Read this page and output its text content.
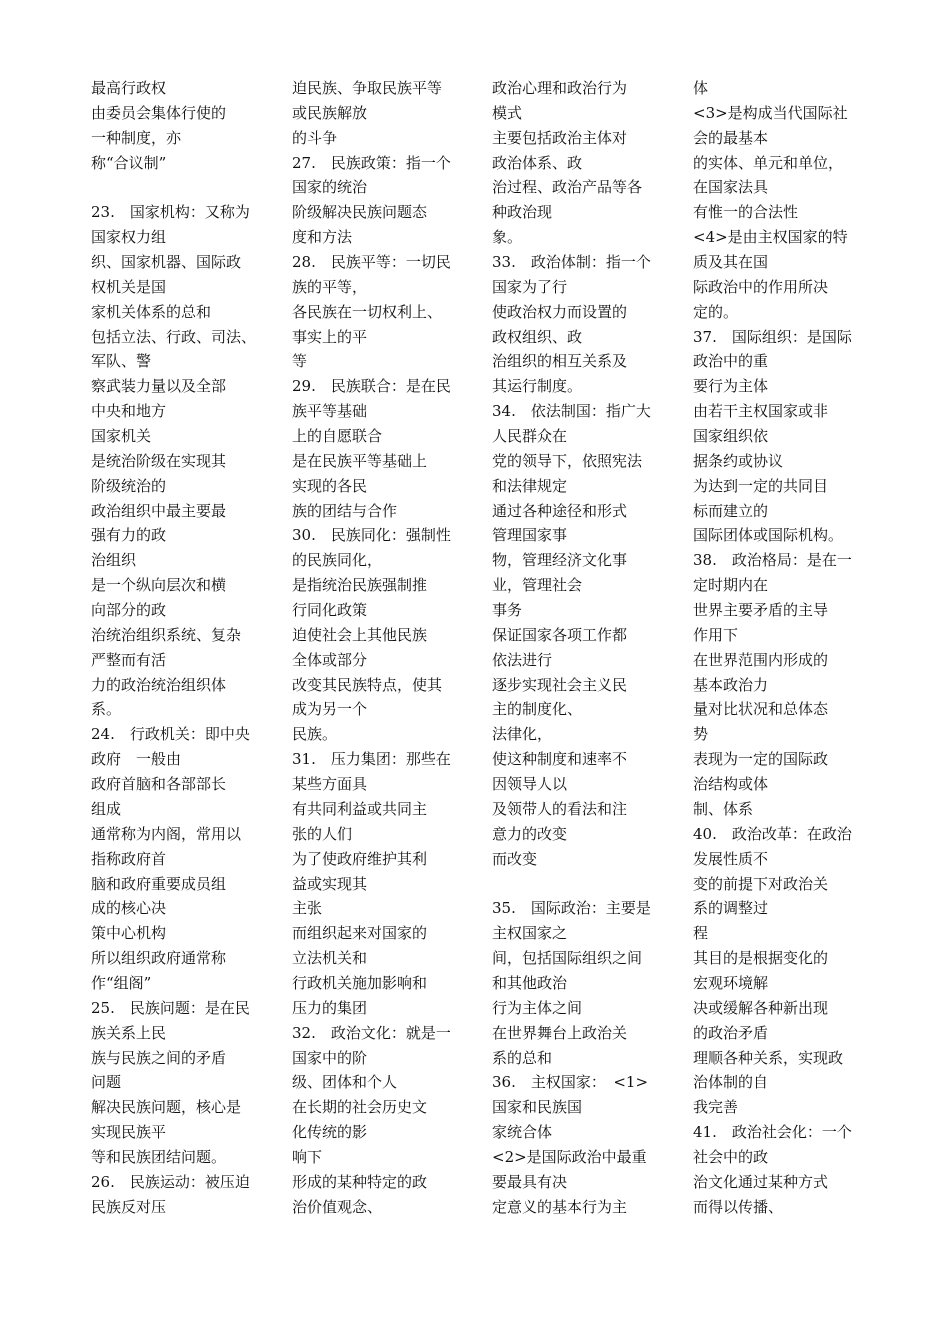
最高行政权
由委员会集体行使的
一种制度，亦
称“合议制”
23.　国家机构：又称为
国家权力组
织、国家机器、国际政
权机关是国
家机关体系的总和
包括立法、行政、司法、
军队、警
察武装力量以及全部
中央和地方
国家机关
是统治阶级在实现其
阶级统治的
政治组织中最主要最
强有力的政
治组织
是一个纵向层次和横
向部分的政
治统治组织系统、复杂
严整而有活
力的政治统治组织体
系。
24.　行政机关：即中央
政府　一般由
政府首脑和各部部长
组成
通常称为内阁，常用以
指称政府首
脑和政府重要成员组
成的核心决
策中心机构
所以组织政府通常称
作“组阁”
25.　民族问题：是在民
族关系上民
族与民族之间的矛盾
问题
解决民族问题，核心是
实现民族平
等和民族团结问题。
26.　民族运动：被压迫
民族反对压
迫民族、争取民族平等
或民族解放
的斗争
27.　民族政策：指一个
国家的统治
阶级解决民族问题态
度和方法
28.　民族平等：一切民
族的平等，
各民族在一切权利上、
事实上的平
等
29.　民族联合：是在民
族平等基础
上的自愿联合
是在民族平等基础上
实现的各民
族的团结与合作
30.　民族同化：强制性
的民族同化，
是指统治民族强制推
行同化政策
迫使社会上其他民族
全体或部分
改变其民族特点，使其
成为另一个
民族。
31.　压力集团：那些在
某些方面具
有共同利益或共同主
张的人们
为了使政府维护其利
益或实现其
主张
而组织起来对国家的
立法机关和
行政机关施加影响和
压力的集团
32.　政治文化：就是一
国家中的阶
级、团体和个人
在长期的社会历史文
化传统的影
响下
形成的某种特定的政
治价值观念、
政治心理和政治行为
模式
主要包括政治主体对
政治体系、政
治过程、政治产品等各
种政治现
象。
33.　政治体制：指一个
国家为了行
使政治权力而设置的
政权组织、政
治组织的相互关系及
其运行制度。
34.　依法制国：指广大
人民群众在
党的领导下，依照宪法
和法律规定
通过各种途径和形式
管理国家事
物，管理经济文化事
业，管理社会
事务
保证国家各项工作都
依法进行
逐步实现社会主义民
主的制度化、
法律化，
使这种制度和速率不
因领导人以
及领带人的看法和注
意力的改变
而改变
35.　国际政治：主要是
主权国家之
间，包括国际组织之间
和其他政治
行为主体之间
在世界舞台上政治关
系的总和
36.　主权国家：　<1>
国家和民族国
家统合体
<2>是国际政治中最重
要最具有决
定意义的基本行为主
体
<3>是构成当代国际社
会的最基本
的实体、单元和单位，
在国家法具
有惟一的合法性
<4>是由主权国家的特
质及其在国
际政治中的作用所决
定的。
37.　国际组织：是国际
政治中的重
要行为主体
由若干主权国家或非
国家组织依
据条约或协议
为达到一定的共同目
标而建立的
国际团体或国际机构。
38.　政治格局：是在一
定时期内在
世界主要矛盾的主导
作用下
在世界范围内形成的
基本政治力
量对比状况和总体态
势
表现为一定的国际政
治结构或体
制、体系
40.　政治改革：在政治
发展性质不
变的前提下对政治关
系的调整过
程
其目的是根据变化的
宏观环境解
决或缓解各种新出现
的政治矛盾
理顺各种关系，实现政
治体制的自
我完善
41.　政治社会化：一个
社会中的政
治文化通过某种方式
而得以传播、
